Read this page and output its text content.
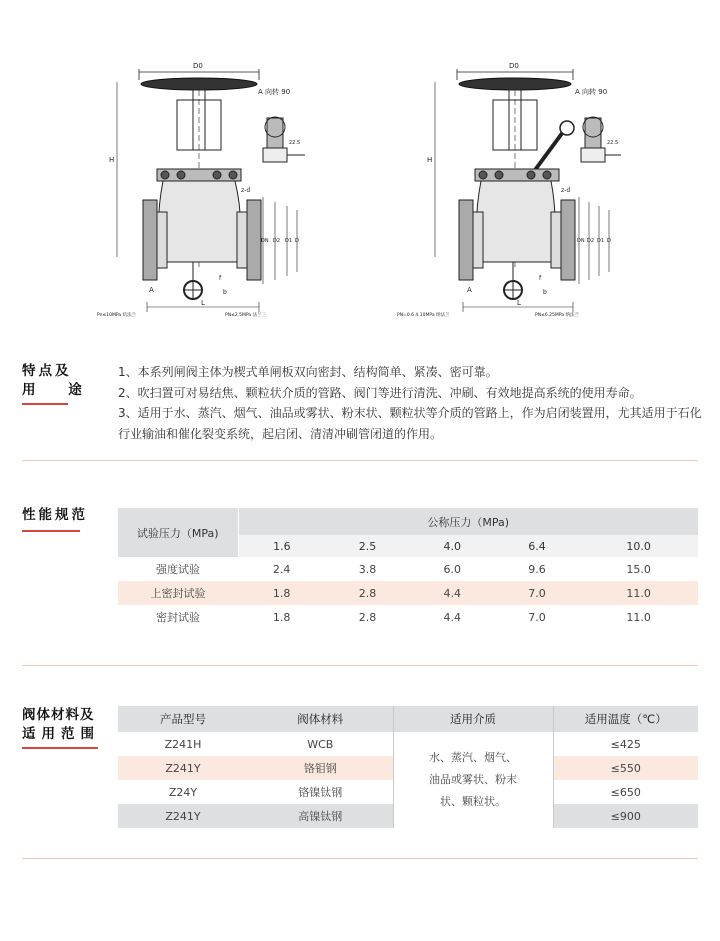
D0
A 向转 90
H
z-d
DN D2 D1 D
L
A
f
b
22.5
Pn≤10MPa 结法兰	PN≤2.5MPa 法兰三
D0
A 向转 90
H
z-d
DN D2 D1 D
L
A
f
b
22.5
PN=0.6 4.10MPa 纳法兰	PN≤6.25MPa 纳法兰
特点及
用 途

1、本系列闸阀主体为楔式单闸板双向密封、结构简单、紧凑、密可靠。

2、吹扫置可对易结焦、颗粒状介质的管路、阀门等进行清洗、冲刷、有效地提高系统的使用寿命。

3、适用于水、蒸汽、烟气、油品或雾状、粉末状、颗粒状等介质的管路上，作为启闭装置用，尤其适用于石化

行业输油和催化裂变系统，起启闭、清清冲刷管闭道的作用。

性能规范
试验压力（MPa)	公称压力（MPa)				
	1.6	2.5	4.0	6.4	10.0
强度试验	2.4	3.8	6.0	9.6	15.0
上密封试验	1.8	2.8	4.4	7.0	11.0
密封试验	1.8	2.8	4.4	7.0	11.0
阀体材料及
适用范围
产品型号	阀体材料	适用介质	适用温度（℃）
Z241H	WCB	水、蒸汽、烟气、
油品或雾状、粉末
状、颗粒状。	≤425
Z241Y	铬钼钢		≤550
Z24Y	铬镍钛钢		≤650
Z241Y	高镍钛钢		≤900
